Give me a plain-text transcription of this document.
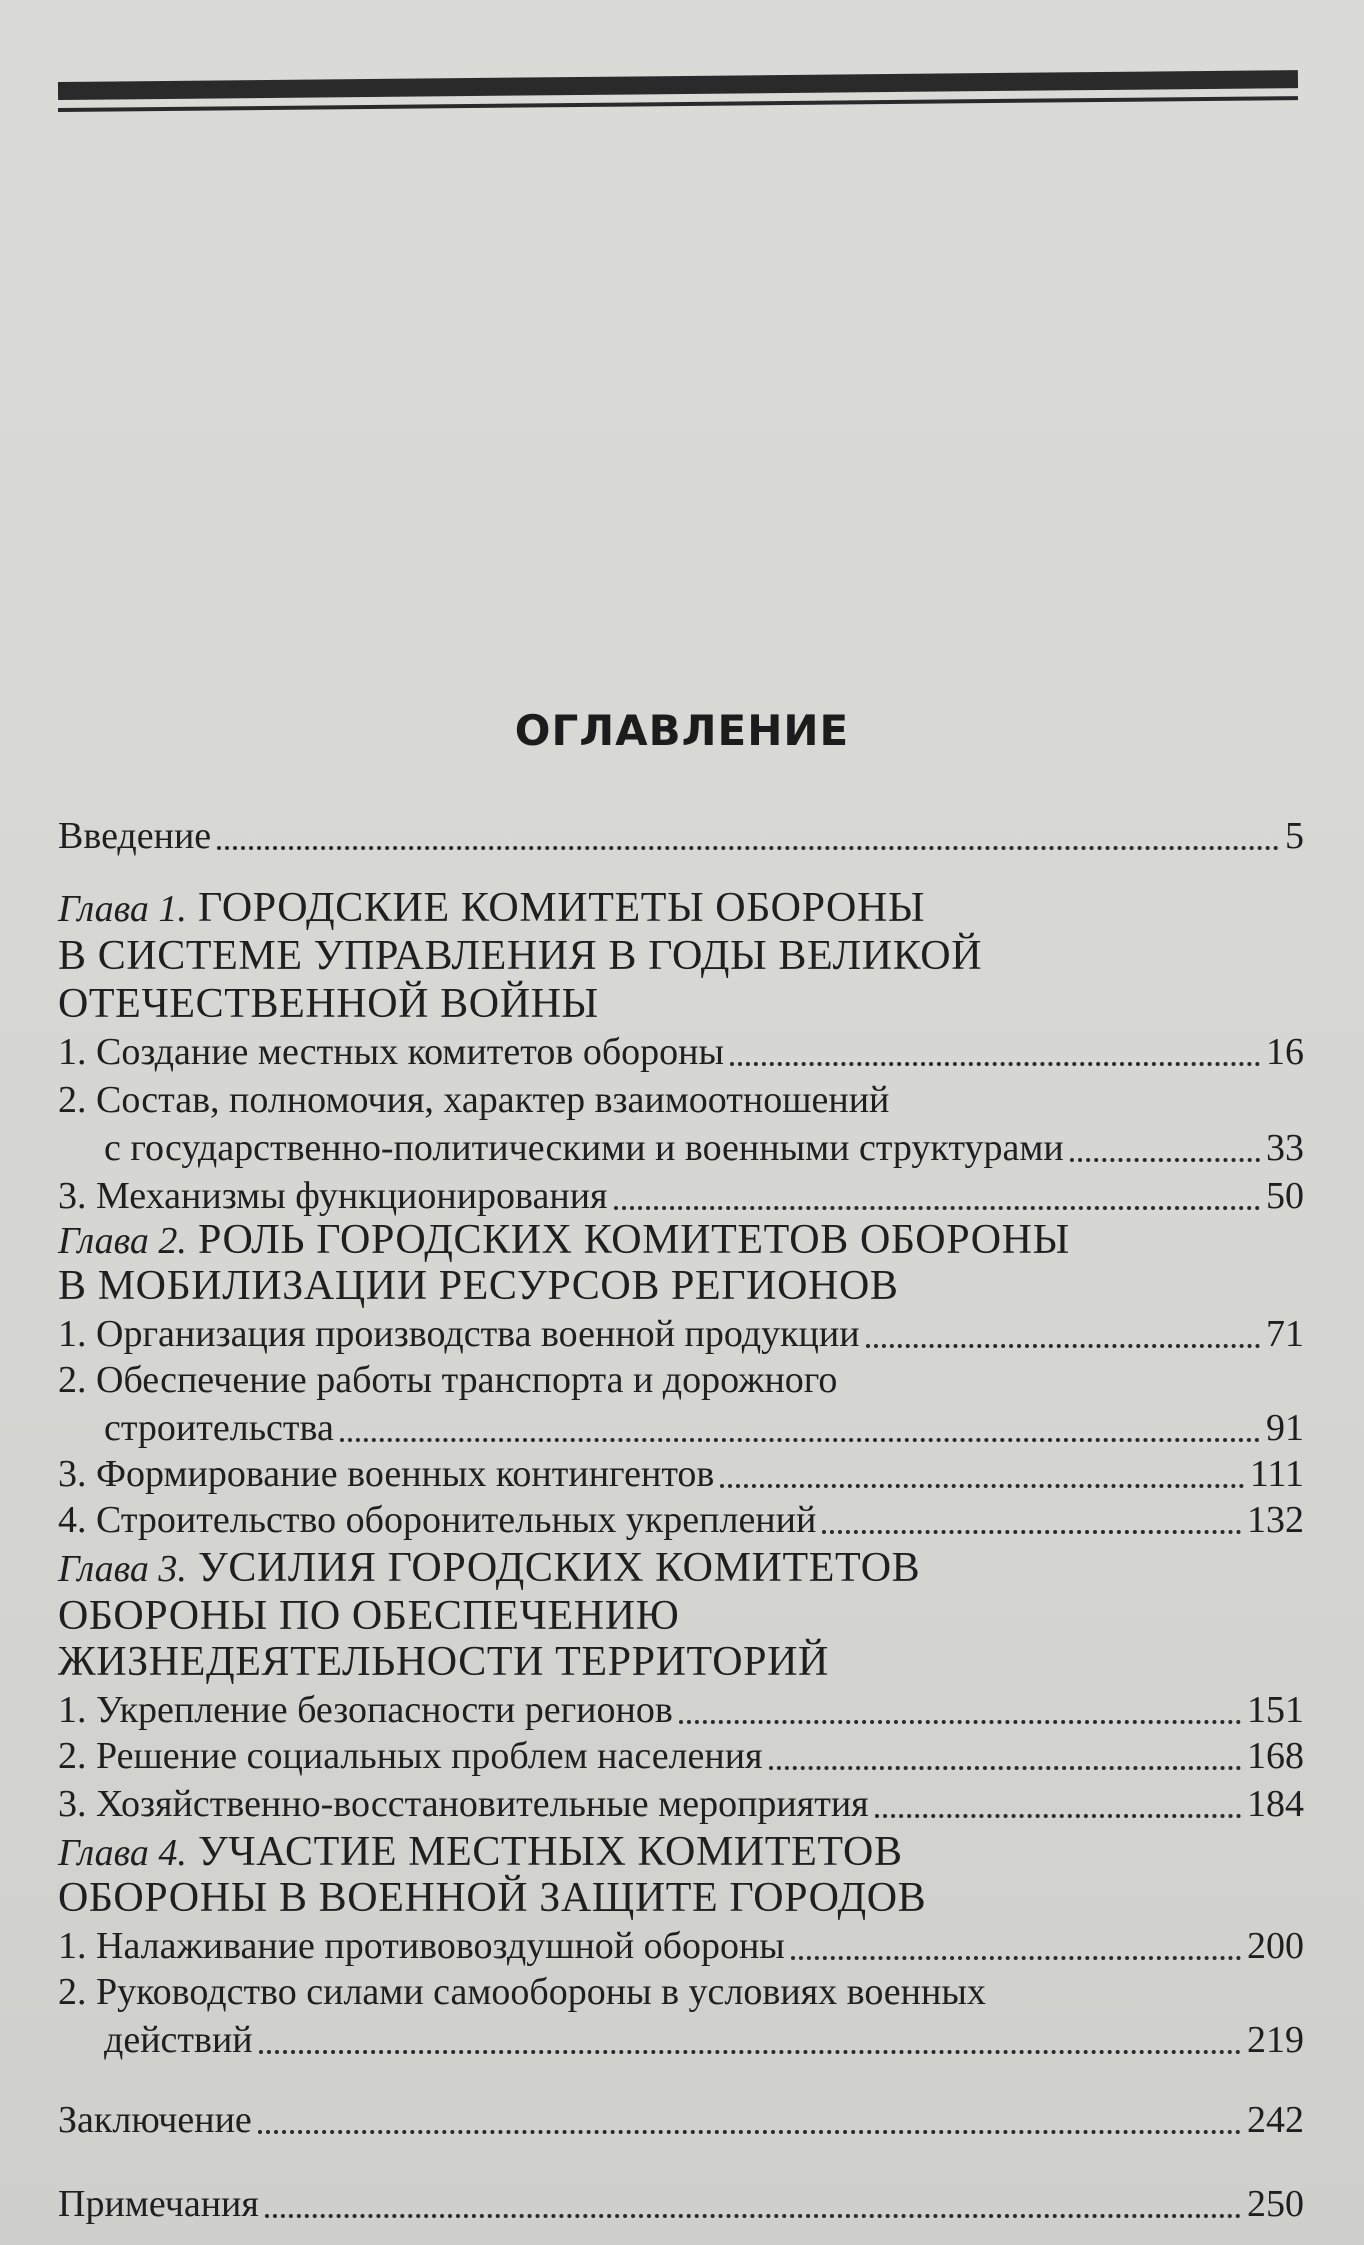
ОГЛАВЛЕНИЕ
Введение	5
Глава 1. ГОРОДСКИЕ КОМИТЕТЫ ОБОРОНЫ
В СИСТЕМЕ УПРАВЛЕНИЯ В ГОДЫ ВЕЛИКОЙ
ОТЕЧЕСТВЕННОЙ ВОЙНЫ
1. Создание местных комитетов обороны	16
2. Состав, полномочия, характер взаимоотношений
с государственно-политическими и военными структурами	33
3. Механизмы функционирования	50
Глава 2. РОЛЬ ГОРОДСКИХ КОМИТЕТОВ ОБОРОНЫ
В МОБИЛИЗАЦИИ РЕСУРСОВ РЕГИОНОВ
1. Организация производства военной продукции	71
2. Обеспечение работы транспорта и дорожного
строительства	91
3. Формирование военных контингентов	111
4. Строительство оборонительных укреплений	132
Глава 3. УСИЛИЯ ГОРОДСКИХ КОМИТЕТОВ
ОБОРОНЫ ПО ОБЕСПЕЧЕНИЮ
ЖИЗНЕДЕЯТЕЛЬНОСТИ ТЕРРИТОРИЙ
1. Укрепление безопасности регионов	151
2. Решение социальных проблем населения	168
3. Хозяйственно-восстановительные мероприятия	184
Глава 4. УЧАСТИЕ МЕСТНЫХ КОМИТЕТОВ
ОБОРОНЫ В ВОЕННОЙ ЗАЩИТЕ ГОРОДОВ
1. Налаживание противовоздушной обороны	200
2. Руководство силами самообороны в условиях военных
действий	219
Заключение	242
Примечания	250
